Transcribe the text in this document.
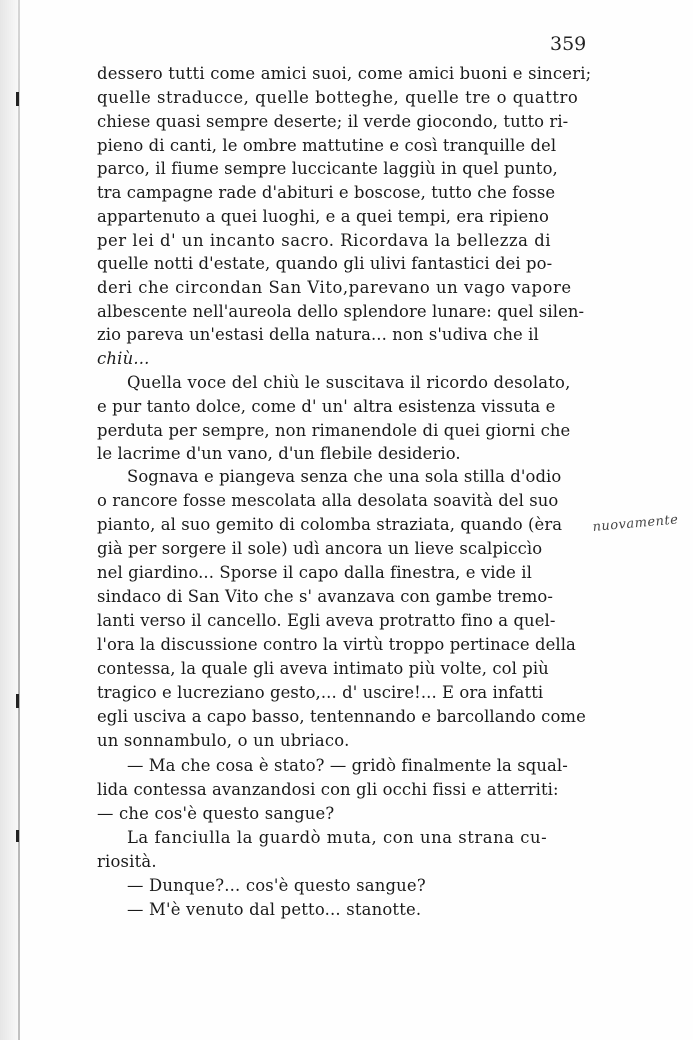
359
dessero tutti come amici suoi, come amici buoni e sinceri;
quelle straducce, quelle botteghe, quelle tre o quattro
chiese quasi sempre deserte; il verde giocondo, tutto ri-
pieno di canti, le ombre mattutine e così tranquille del
parco, il fiume sempre luccicante laggiù in quel punto,
tra campagne rade d'abituri e boscose, tutto che fosse
appartenuto a quei luoghi, e a quei tempi, era ripieno
per lei d' un incanto sacro. Ricordava la bellezza di
quelle notti d'estate, quando gli ulivi fantastici dei po-
deri che circondan San Vito,parevano un vago vapore
albescente nell'aureola dello splendore lunare: quel silen-
zio pareva un'estasi della natura... non s'udiva che il
chiù...
Quella voce del chiù le suscitava il ricordo desolato,
e pur tanto dolce, come d' un' altra esistenza vissuta e
perduta per sempre, non rimanendole di quei giorni che
le lacrime d'un vano, d'un flebile desiderio.
Sognava e piangeva senza che una sola stilla d'odio
o rancore fosse mescolata alla desolata soavità del suo
pianto, al suo gemito di colomba straziata, quando (èra
già per sorgere il sole) udì ancora un lieve scalpiccìo
nel giardino... Sporse il capo dalla finestra, e vide il
sindaco di San Vito che s' avanzava con gambe tremo-
lanti verso il cancello. Egli aveva protratto fino a quel-
l'ora la discussione contro la virtù troppo pertinace della
contessa, la quale gli aveva intimato più volte, col più
tragico e lucreziano gesto,... d' uscire!... E ora infatti
egli usciva a capo basso, tentennando e barcollando come
un sonnambulo, o un ubriaco.
— Ma che cosa è stato? — gridò finalmente la squal-
lida contessa avanzandosi con gli occhi fissi e atterriti:
— che cos'è questo sangue?
La fanciulla la guardò muta, con una strana cu-
riosità.
— Dunque?... cos'è questo sangue?
— M'è venuto dal petto... stanotte.
nuovamente
